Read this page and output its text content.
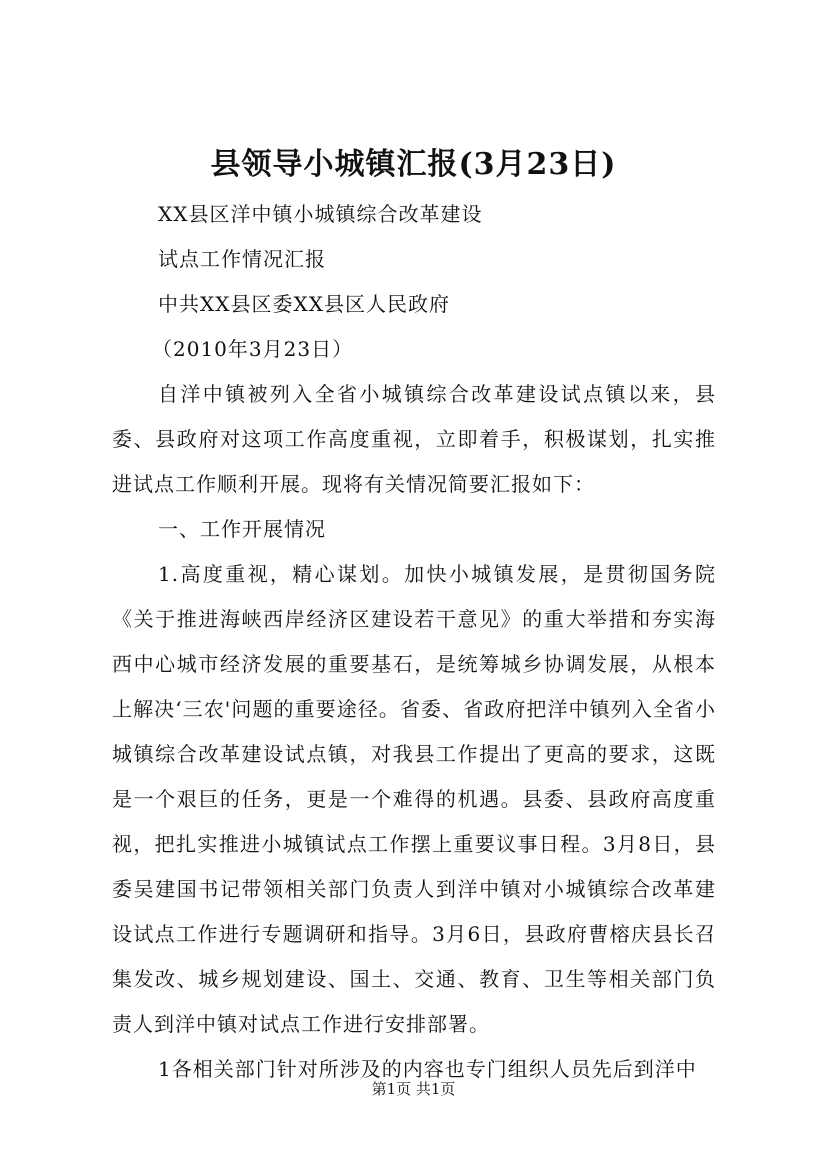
县领导小城镇汇报(3月23日)

XX县区洋中镇小城镇综合改革建设

试点工作情况汇报

中共XX县区委XX县区人民政府

（2010年3月23日）

自洋中镇被列入全省小城镇综合改革建设试点镇以来，县委、县政府对这项工作高度重视，立即着手，积极谋划，扎实推进试点工作顺利开展。现将有关情况简要汇报如下：

一、工作开展情况

1.高度重视，精心谋划。加快小城镇发展，是贯彻国务院《关于推进海峡西岸经济区建设若干意见》的重大举措和夯实海西中心城市经济发展的重要基石，是统筹城乡协调发展，从根本上解决‘三农'问题的重要途径。省委、省政府把洋中镇列入全省小城镇综合改革建设试点镇，对我县工作提出了更高的要求，这既是一个艰巨的任务，更是一个难得的机遇。县委、县政府高度重视，把扎实推进小城镇试点工作摆上重要议事日程。3月8日，县委吴建国书记带领相关部门负责人到洋中镇对小城镇综合改革建设试点工作进行专题调研和指导。3月6日，县政府曹榕庆县长召集发改、城乡规划建设、国土、交通、教育、卫生等相关部门负责人到洋中镇对试点工作进行安排部署。

1各相关部门针对所涉及的内容也专门组织人员先后到洋中

第1页 共1页
